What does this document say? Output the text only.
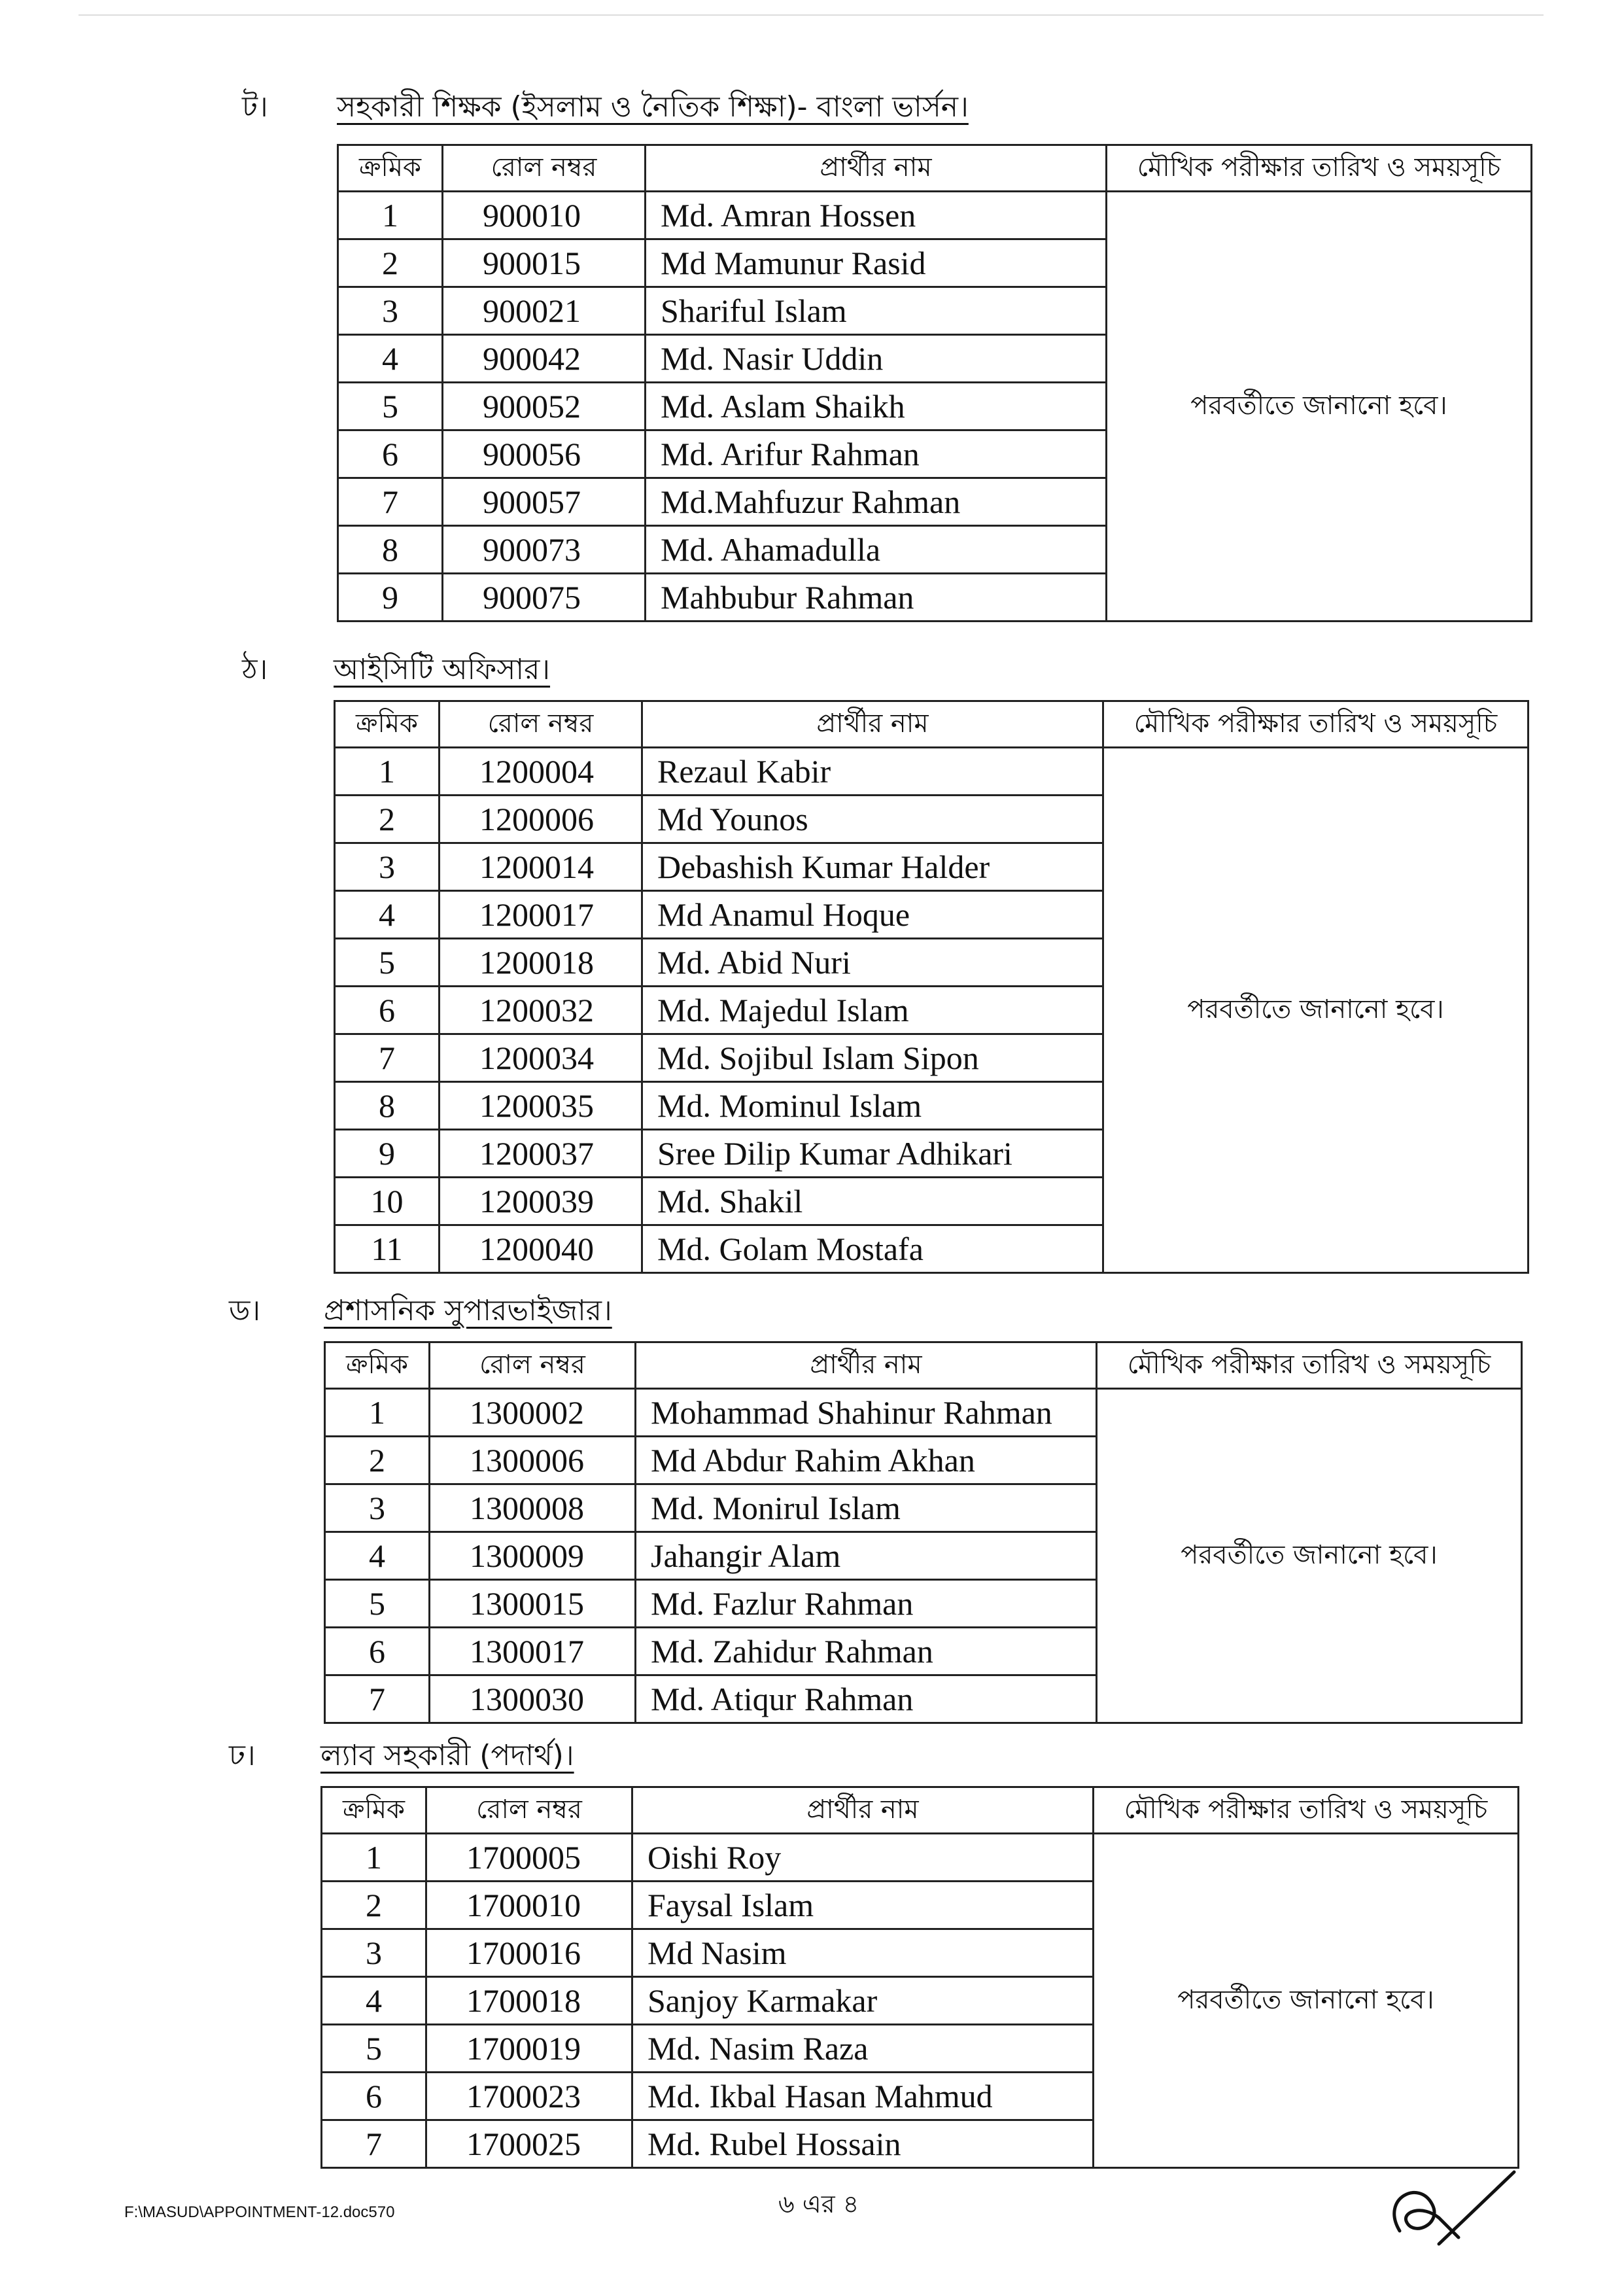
ট। সহকারী শিক্ষক (ইসলাম ও নৈতিক শিক্ষা)- বাংলা ভার্সন।
ক্রমিক	রোল নম্বর	প্রার্থীর নাম	মৌখিক পরীক্ষার তারিখ ও সময়সূচি
1	900010	Md. Amran Hossen	পরবর্তীতে জানানো হবে।
2	900015	Md Mamunur Rasid	
3	900021	Shariful Islam	
4	900042	Md. Nasir Uddin	
5	900052	Md. Aslam Shaikh	
6	900056	Md. Arifur Rahman	
7	900057	Md.Mahfuzur Rahman	
8	900073	Md. Ahamadulla	
9	900075	Mahbubur Rahman	
ঠ। আইসিটি অফিসার।
ক্রমিক	রোল নম্বর	প্রার্থীর নাম	মৌখিক পরীক্ষার তারিখ ও সময়সূচি
1	1200004	Rezaul Kabir	পরবর্তীতে জানানো হবে।
2	1200006	Md Younos	
3	1200014	Debashish Kumar Halder	
4	1200017	Md Anamul Hoque	
5	1200018	Md. Abid Nuri	
6	1200032	Md. Majedul Islam	
7	1200034	Md. Sojibul Islam Sipon	
8	1200035	Md. Mominul Islam	
9	1200037	Sree Dilip Kumar Adhikari	
10	1200039	Md. Shakil	
11	1200040	Md. Golam Mostafa	
ড। প্রশাসনিক সুপারভাইজার।
ক্রমিক	রোল নম্বর	প্রার্থীর নাম	মৌখিক পরীক্ষার তারিখ ও সময়সূচি
1	1300002	Mohammad Shahinur Rahman	পরবর্তীতে জানানো হবে।
2	1300006	Md Abdur Rahim Akhan	
3	1300008	Md. Monirul Islam	
4	1300009	Jahangir Alam	
5	1300015	Md. Fazlur Rahman	
6	1300017	Md. Zahidur Rahman	
7	1300030	Md. Atiqur Rahman	
ঢ। ল্যাব সহকারী (পদার্থ)।
ক্রমিক	রোল নম্বর	প্রার্থীর নাম	মৌখিক পরীক্ষার তারিখ ও সময়সূচি
1	1700005	Oishi Roy	পরবর্তীতে জানানো হবে।
2	1700010	Faysal Islam	
3	1700016	Md Nasim	
4	1700018	Sanjoy Karmakar	
5	1700019	Md. Nasim Raza	
6	1700023	Md. Ikbal Hasan Mahmud	
7	1700025	Md. Rubel Hossain	
৬ এর ৪
F:\MASUD\APPOINTMENT-12.doc570
